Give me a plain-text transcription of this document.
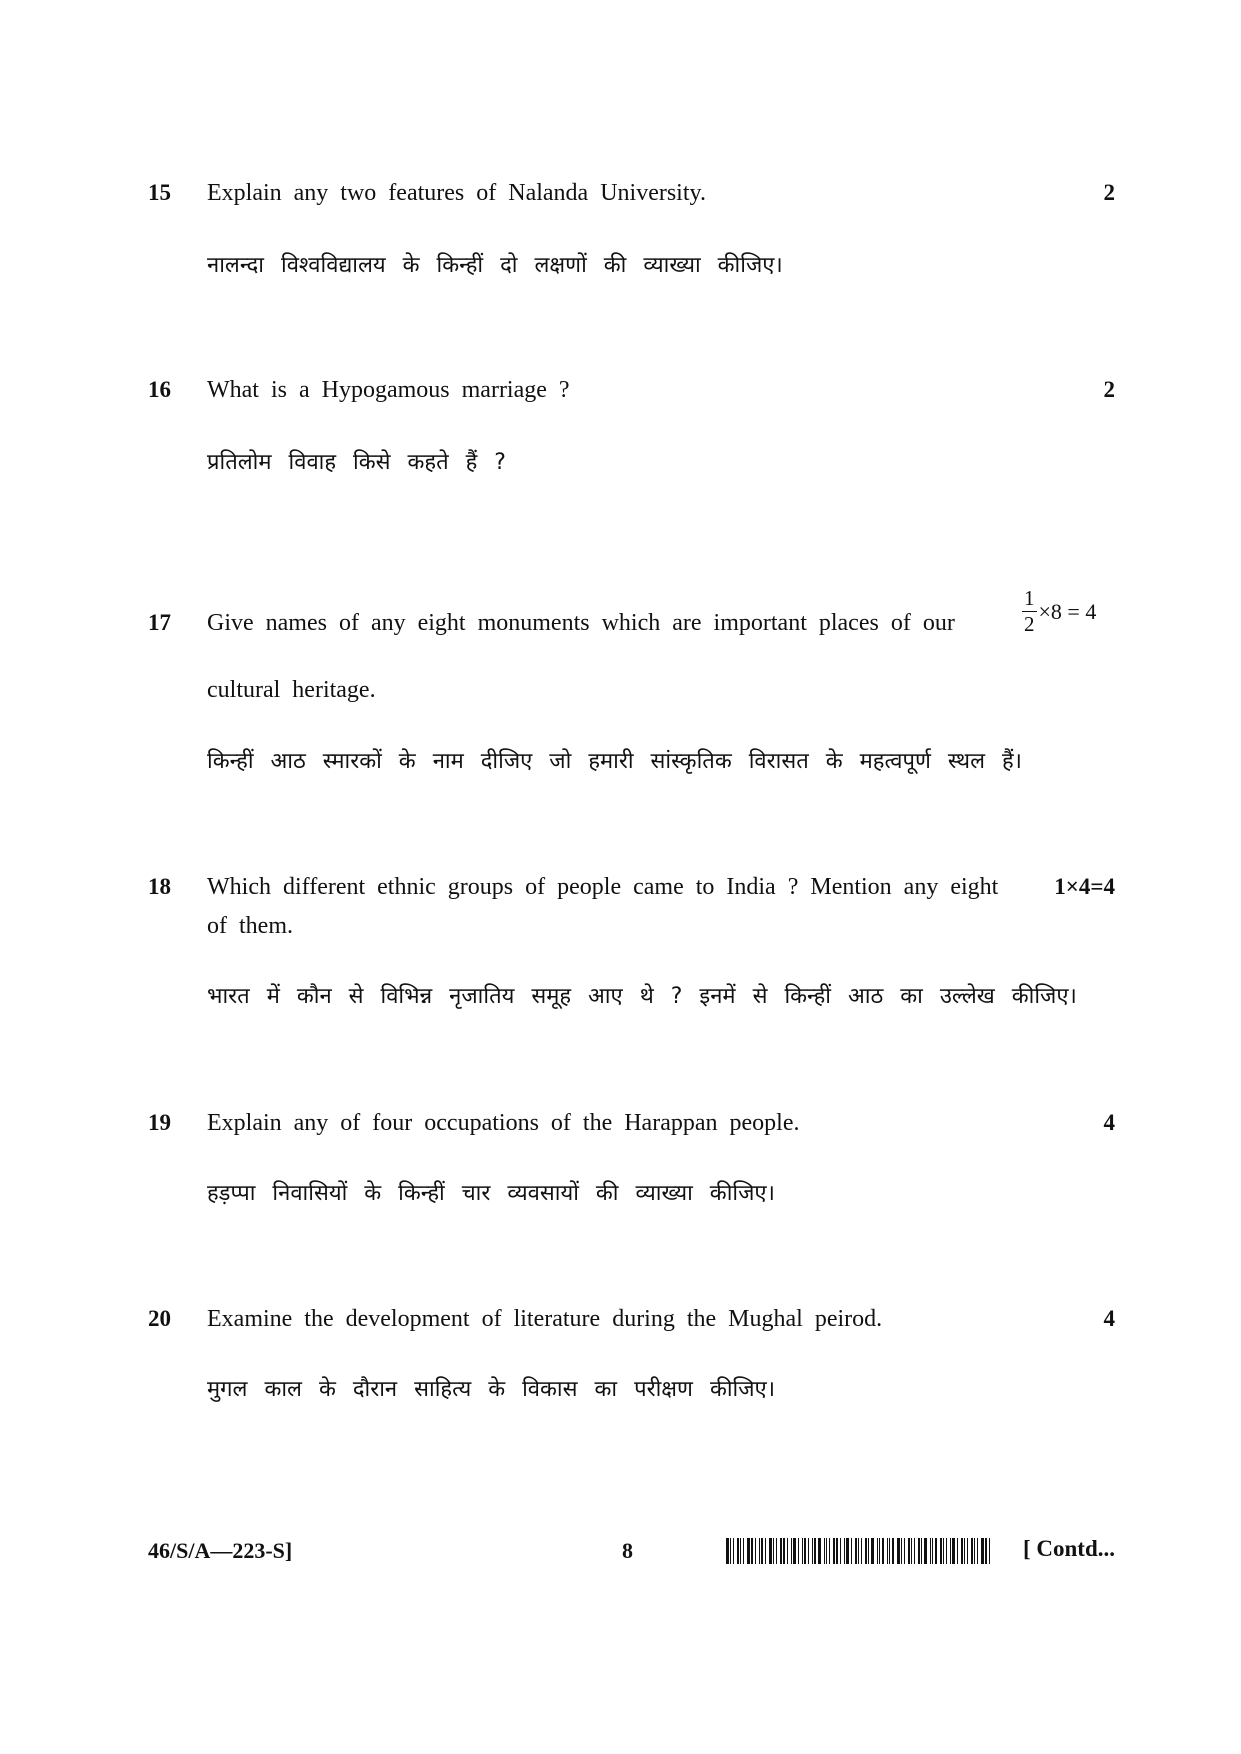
15 Explain any two features of Nalanda University.	2
नालन्दा विश्वविद्यालय के किन्हीं दो लक्षणों की व्याख्या कीजिए।
16 What is a Hypogamous marriage ?	2
प्रतिलोम विवाह किसे कहते हैं ?
17 Give names of any eight monuments which are important places of our
cultural heritage.
$\frac{1}{2} \times 8 = 4$
किन्हीं आठ स्मारकों के नाम दीजिए जो हमारी सांस्कृतिक विरासत के महत्वपूर्ण स्थल हैं।
18 Which different ethnic groups of people came to India ? Mention any eight
of them.
1×4=4
भारत में कौन से विभिन्न नृजातिय समूह आए थे ? इनमें से किन्हीं आठ का उल्लेख कीजिए।
19 Explain any of four occupations of the Harappan people.	4
हड़प्पा निवासियों के किन्हीं चार व्यवसायों की व्याख्या कीजिए।
20 Examine the development of literature during the Mughal peirod.	4
मुगल काल के दौरान साहित्य के विकास का परीक्षण कीजिए।
46/S/A—223-S]	8	[ Contd...
